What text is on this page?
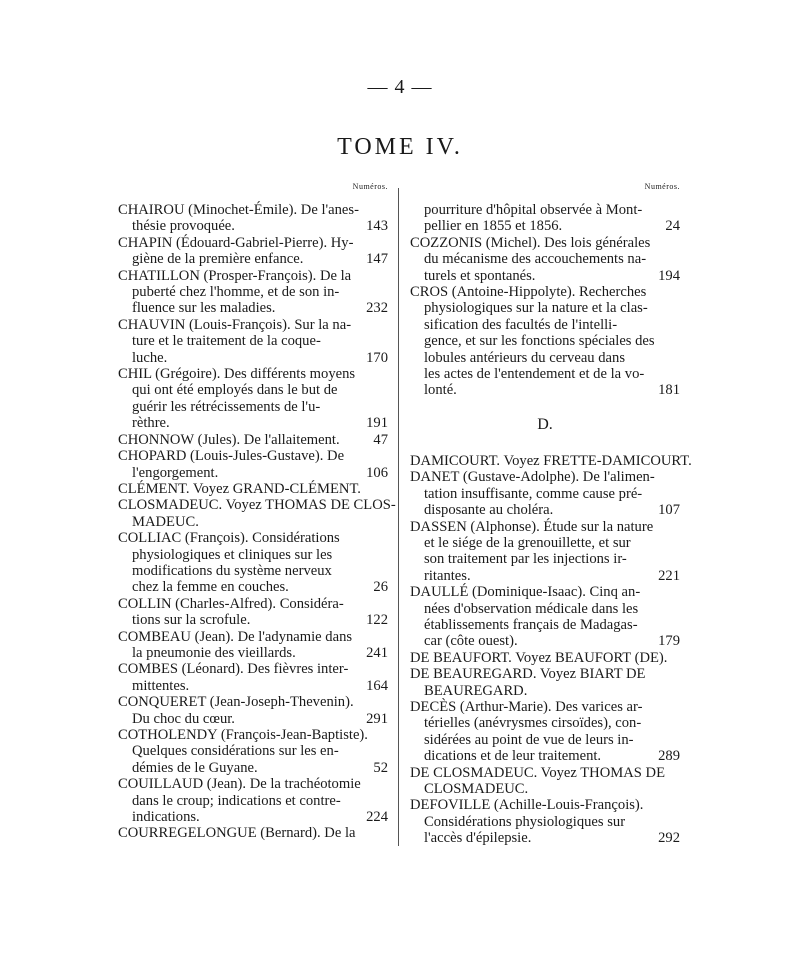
— 4 —
TOME IV.
Numéros.
CHAIROU (Minochet-Émile). De l'anes-
thésie provoquée.	143
CHAPIN (Édouard-Gabriel-Pierre). Hy-
giène de la première enfance.	147
CHATILLON (Prosper-François). De la
puberté chez l'homme, et de son in-
fluence sur les maladies.	232
CHAUVIN (Louis-François). Sur la na-
ture et le traitement de la coque-
luche.	170
CHIL (Grégoire). Des différents moyens
qui ont été employés dans le but de
guérir les rétrécissements de l'u-
rèthre.	191
CHONNOW (Jules). De l'allaitement.	47
CHOPARD (Louis-Jules-Gustave). De
l'engorgement.	106
CLÉMENT. Voyez GRAND-CLÉMENT.
CLOSMADEUC. Voyez THOMAS DE CLOS-
MADEUC.
COLLIAC (François). Considérations
physiologiques et cliniques sur les
modifications du système nerveux
chez la femme en couches.	26
COLLIN (Charles-Alfred). Considéra-
tions sur la scrofule.	122
COMBEAU (Jean). De l'adynamie dans
la pneumonie des vieillards.	241
COMBES (Léonard). Des fièvres inter-
mittentes.	164
CONQUERET (Jean-Joseph-Thevenin).
Du choc du cœur.	291
COTHOLENDY (François-Jean-Baptiste).
Quelques considérations sur les en-
démies de le Guyane.	52
COUILLAUD (Jean). De la trachéotomie
dans le croup; indications et contre-
indications.	224
COURREGELONGUE (Bernard). De la
Numéros.
pourriture d'hôpital observée à Mont-
pellier en 1855 et 1856.	24
COZZONIS (Michel). Des lois générales
du mécanisme des accouchements na-
turels et spontanés.	194
CROS (Antoine-Hippolyte). Recherches
physiologiques sur la nature et la clas-
sification des facultés de l'intelli-
gence, et sur les fonctions spéciales des
lobules antérieurs du cerveau dans
les actes de l'entendement et de la vo-
lonté.	181
D.
DAMICOURT. Voyez FRETTE-DAMICOURT.
DANET (Gustave-Adolphe). De l'alimen-
tation insuffisante, comme cause pré-
disposante au choléra.	107
DASSEN (Alphonse). Étude sur la nature
et le siége de la grenouillette, et sur
son traitement par les injections ir-
ritantes.	221
DAULLÉ (Dominique-Isaac). Cinq an-
nées d'observation médicale dans les
établissements français de Madagas-
car (côte ouest).	179
DE BEAUFORT. Voyez BEAUFORT (DE).
DE BEAUREGARD. Voyez BIART DE
BEAUREGARD.
DECÈS (Arthur-Marie). Des varices ar-
térielles (anévrysmes cirsoïdes), con-
sidérées au point de vue de leurs in-
dications et de leur traitement.	289
DE CLOSMADEUC. Voyez THOMAS DE
CLOSMADEUC.
DEFOVILLE (Achille-Louis-François).
Considérations physiologiques sur
l'accès d'épilepsie.	292
